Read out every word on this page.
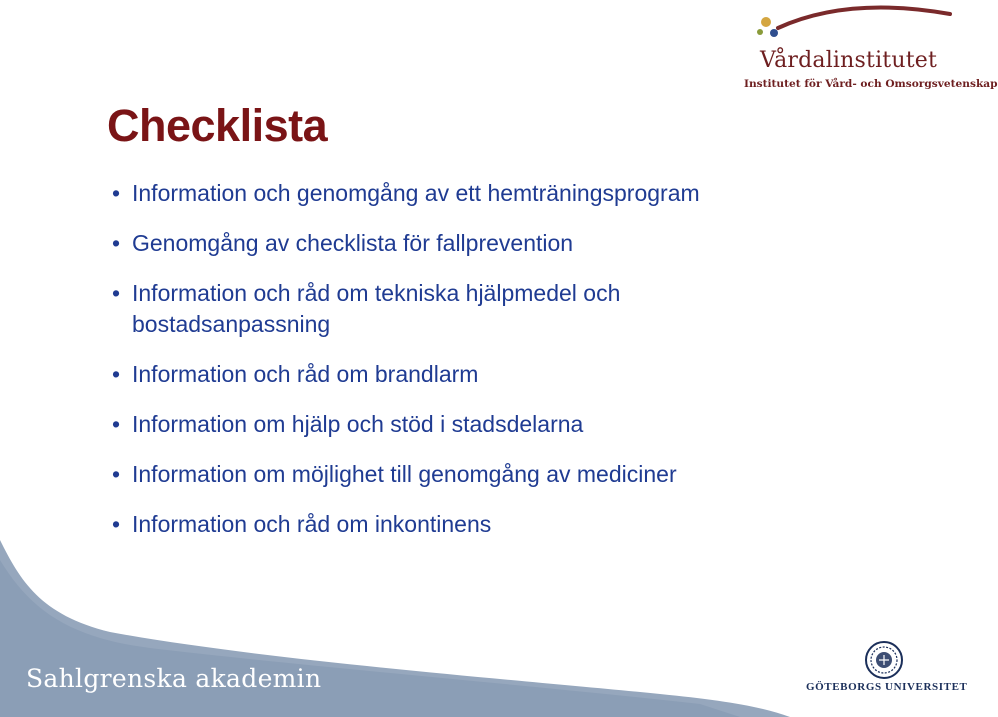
Vårdalinstitutet
Institutet för Vård- och Omsorgsvetenskap
Checklista
• Information och genomgång av ett hemträningsprogram
• Genomgång av checklista för fallprevention
• Information och råd om tekniska hjälpmedel och bostadsanpassning
• Information och råd om brandlarm
• Information om hjälp och stöd i stadsdelarna
• Information om möjlighet till genomgång av mediciner
• Information och råd om inkontinens
Sahlgrenska akademin	GÖTEBORGS UNIVERSITET
